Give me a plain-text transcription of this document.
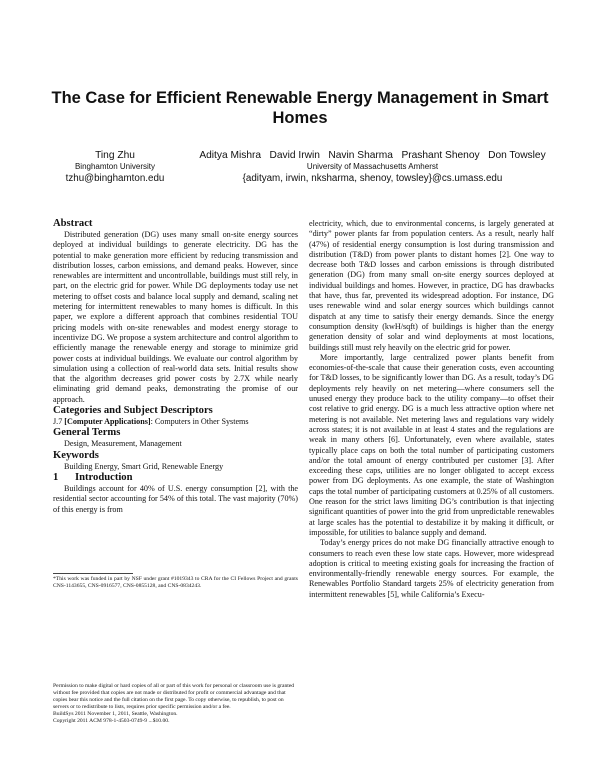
The Case for Efficient Renewable Energy Management in Smart Homes
Ting Zhu
Binghamton University
tzhu@binghamton.edu
Aditya Mishra   David Irwin   Navin Sharma   Prashant Shenoy   Don Towsley
University of Massachusetts Amherst
{adityam, irwin, nksharma, shenoy, towsley}@cs.umass.edu
Abstract

Distributed generation (DG) uses many small on-site energy sources deployed at individual buildings to generate electricity. DG has the potential to make generation more efficient by reducing transmission and distribution losses, carbon emissions, and demand peaks. However, since renewables are intermittent and uncontrollable, buildings must still rely, in part, on the electric grid for power. While DG deployments today use net metering to offset costs and balance local supply and demand, scaling net metering for intermittent renewables to many homes is difficult. In this paper, we explore a different approach that combines residential TOU pricing models with on-site renewables and modest energy storage to incentivize DG. We propose a system architecture and control algorithm to efficiently manage the renewable energy and storage to minimize grid power costs at individual buildings. We evaluate our control algorithm by simulation using a collection of real-world data sets. Initial results show that the algorithm decreases grid power costs by 2.7X while nearly eliminating grid demand peaks, demonstrating the promise of our approach.

Categories and Subject Descriptors

J.7 [Computer Applications]: Computers in Other Systems

General Terms

Design, Measurement, Management

Keywords

Building Energy, Smart Grid, Renewable Energy

1 Introduction

Buildings account for 40% of U.S. energy consumption [2], with the residential sector accounting for 54% of this total. The vast majority (70%) of this energy is from

*This work was funded in part by NSF under grant #1019343 to CRA for the CI Fellows Project and grants CNS-1143655, CNS-0916577, CNS-0855128, and CNS-0834243.
Permission to make digital or hard copies of all or part of this work for personal or classroom use is granted without fee provided that copies are not made or distributed for profit or commercial advantage and that copies bear this notice and the full citation on the first page. To copy otherwise, to republish, to post on servers or to redistribute to lists, requires prior specific permission and/or a fee.
BuildSys 2011 November 1, 2011, Seattle, Washington.
Copyright 2011 ACM 978-1-4503-0749-9 ...$10.00.

electricity, which, due to environmental concerns, is largely generated at “dirty” power plants far from population centers. As a result, nearly half (47%) of residential energy consumption is lost during transmission and distribution (T&D) from power plants to distant homes [2]. One way to decrease both T&D losses and carbon emissions is through distributed generation (DG) from many small on-site energy sources deployed at individual buildings and homes. However, in practice, DG has drawbacks that have, thus far, prevented its widespread adoption. For instance, DG uses renewable wind and solar energy sources which buildings cannot dispatch at any time to satisfy their energy demands. Since the energy consumption density (kwH/sqft) of buildings is higher than the energy generation density of solar and wind deployments at most locations, buildings still must rely heavily on the electric grid for power.

More importantly, large centralized power plants benefit from economies-of-the-scale that cause their generation costs, even accounting for T&D losses, to be significantly lower than DG. As a result, today’s DG deployments rely heavily on net metering—where consumers sell the unused energy they produce back to the utility company—to offset their cost relative to grid energy. DG is a much less attractive option where net metering is not available. Net metering laws and regulations vary widely across states; it is not available in at least 4 states and the regulations are weak in many others [6]. Unfortunately, even where available, states typically place caps on both the total number of participating customers and/or the total amount of energy contributed per customer [3]. After exceeding these caps, utilities are no longer obligated to accept excess power from DG deployments. As one example, the state of Washington caps the total number of participating customers at 0.25% of all customers. One reason for the strict laws limiting DG’s contribution is that injecting significant quantities of power into the grid from unpredictable renewables at large scales has the potential to destabilize it by making it difficult, or impossible, for utilities to balance supply and demand.

Today’s energy prices do not make DG financially attractive enough to consumers to reach even these low state caps. However, more widespread adoption is critical to meeting existing goals for increasing the fraction of environmentally-friendly renewable energy sources. For example, the Renewables Portfolio Standard targets 25% of electricity generation from intermittent renewables [5], while California’s Execu-
